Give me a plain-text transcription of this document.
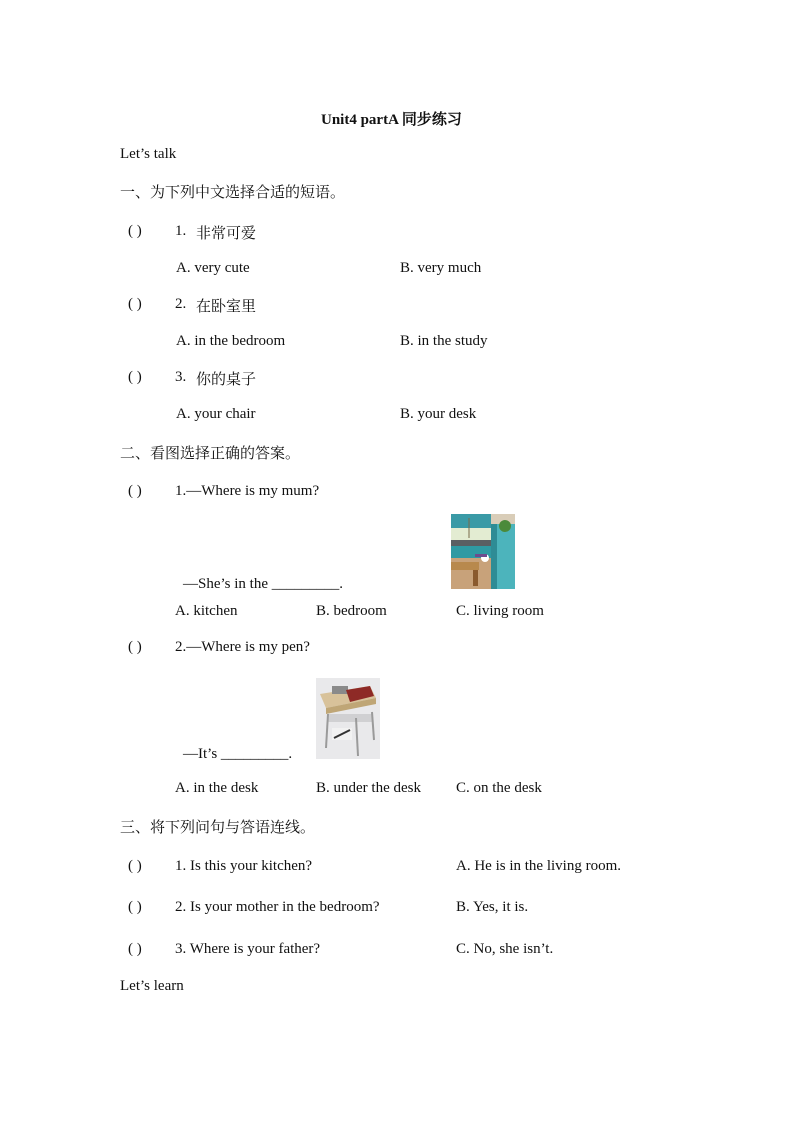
Unit4 partA 同步练习
Let’s talk
一、为下列中文选择合适的短语。
( ) 1. 非常可爱
A. very cute	B. very much
( ) 2. 在卧室里
A. in the bedroom	B. in the study
( ) 3. 你的桌子
A. your chair	B. your desk
二、看图选择正确的答案。
( ) 1.—Where is my mum?
—She’s in the _________.
A. kitchen	B. bedroom	C. living room
( ) 2.—Where is my pen?
—It’s _________.
A. in the desk	B. under the desk C. on the desk
三、将下列问句与答语连线。
( ) 1. Is this your kitchen?	A. He is in the living room.
( ) 2. Is your mother in the bedroom?	B. Yes, it is.
( ) 3. Where is your father?	C. No, she isn’t.
Let’s learn
